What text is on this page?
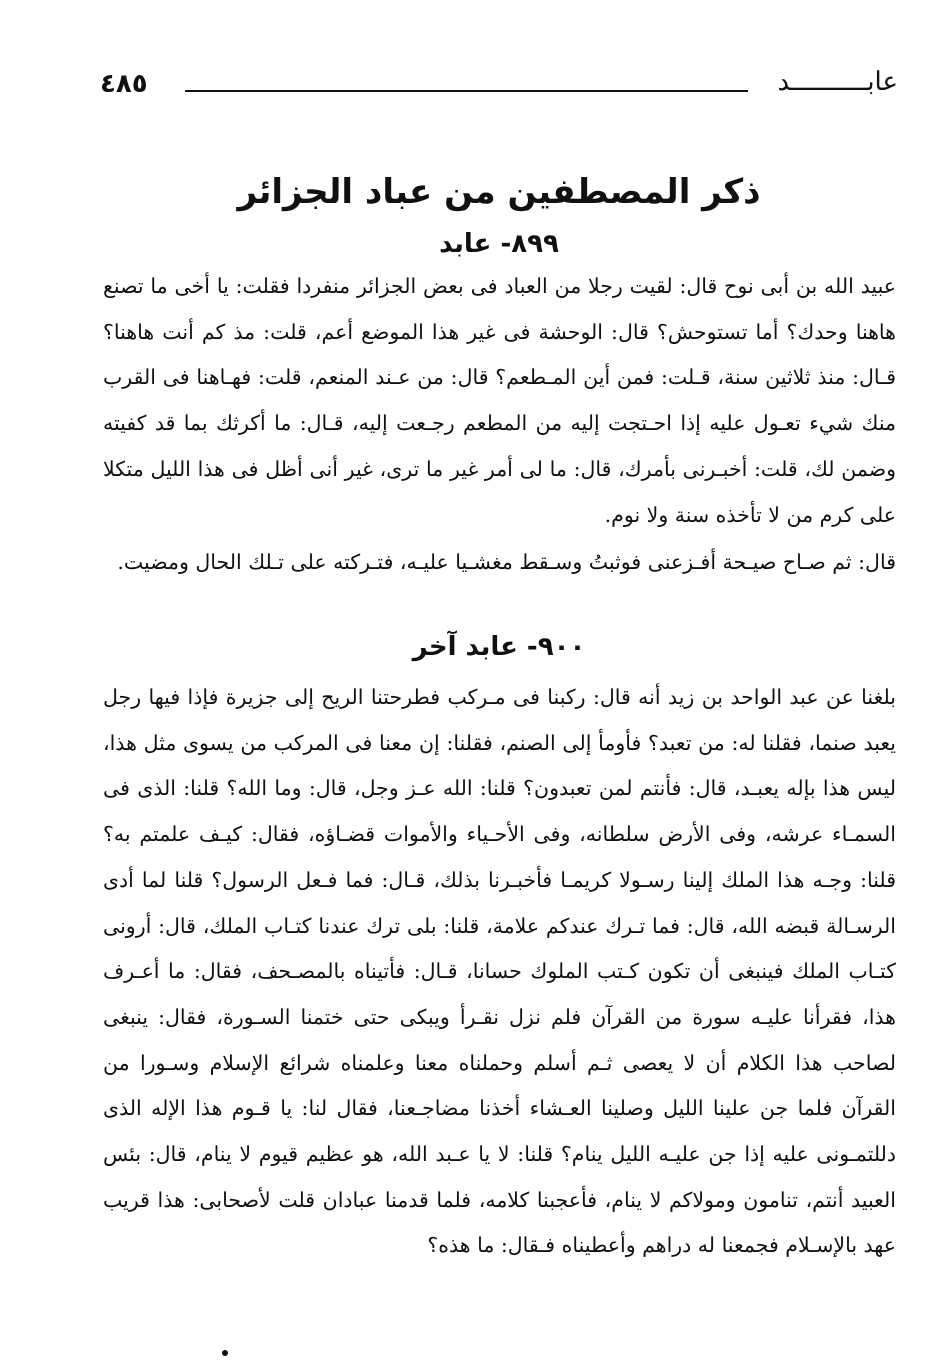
عابــــــــــد
٤٨٥
ذكر المصطفين من عباد الجزائر
٨٩٩- عابد

عبيد الله بن أبى نوح قال: لقيت رجلا من العباد فى بعض الجزائر منفردا فقلت: يا أخى ما تصنع هاهنا وحدك؟ أما تستوحش؟ قال: الوحشة فى غير هذا الموضع أعم، قلت: مذ كم أنت هاهنا؟ قـال: منذ ثلاثين سنة، قـلت: فمن أين المـطعم؟ قال: من عـند المنعم، قلت: فهـاهنا فى القرب منك شيء تعـول عليه إذا احـتجت إليه من المطعم رجـعت إليه، قـال: ما أكرثك بما قد كفيته وضمن لك، قلت: أخبـرنى بأمرك، قال: ما لى أمر غير ما ترى، غير أنى أظل فى هذا الليل متكلا على كرم من لا تأخذه سنة ولا نوم.

قال: ثم صـاح صيـحة أفـزعنى فوثبتُ وسـقط مغشـيا عليـه، فتـركته على تـلك الحال ومضيت.

٩٠٠- عابد آخر

بلغنا عن عبد الواحد بن زيد أنه قال: ركبنا فى مـركب فطرحتنا الريح إلى جزيرة فإذا فيها رجل يعبد صنما، فقلنا له: من تعبد؟ فأومأ إلى الصنم، فقلنا: إن معنا فى المركب من يسوى مثل هذا، ليس هذا بإله يعبـد، قال: فأنتم لمن تعبدون؟ قلنا: الله عـز وجل، قال: وما الله؟ قلنا: الذى فى السمـاء عرشه، وفى الأرض سلطانه، وفى الأحـياء والأموات قضـاؤه، فقال: كيـف علمتم به؟ قلنا: وجـه هذا الملك إلينا رسـولا كريمـا فأخبـرنا بذلك، قـال: فما فـعل الرسول؟ قلنا لما أدى الرسـالة قبضه الله، قال: فما تـرك عندكم علامة، قلنا: بلى ترك عندنا كتـاب الملك، قال: أرونى كتـاب الملك فينبغى أن تكون كـتب الملوك حسانا، قـال: فأتيناه بالمصـحف، فقال: ما أعـرف هذا، فقرأنا عليـه سورة من القرآن فلم نزل نقـرأ ويبكى حتى ختمنا السـورة، فقال: ينبغى لصاحب هذا الكلام أن لا يعصى ثـم أسلم وحملناه معنا وعلمناه شرائع الإسلام وسـورا من القرآن فلما جن علينا الليل وصلينا العـشاء أخذنا مضاجـعنا، فقال لنا: يا قـوم هذا الإله الذى دللتمـونى عليه إذا جن عليـه الليل ينام؟ قلنا: لا يا عـبد الله، هو عظيم قيوم لا ينام، قال: بئس العبيد أنتم، تنامون ومولاكم لا ينام، فأعجبنا كلامه، فلما قدمنا عبادان قلت لأصحابى: هذا قريب عهد بالإسـلام فجمعنا له دراهم وأعطيناه فـقال: ما هذه؟
